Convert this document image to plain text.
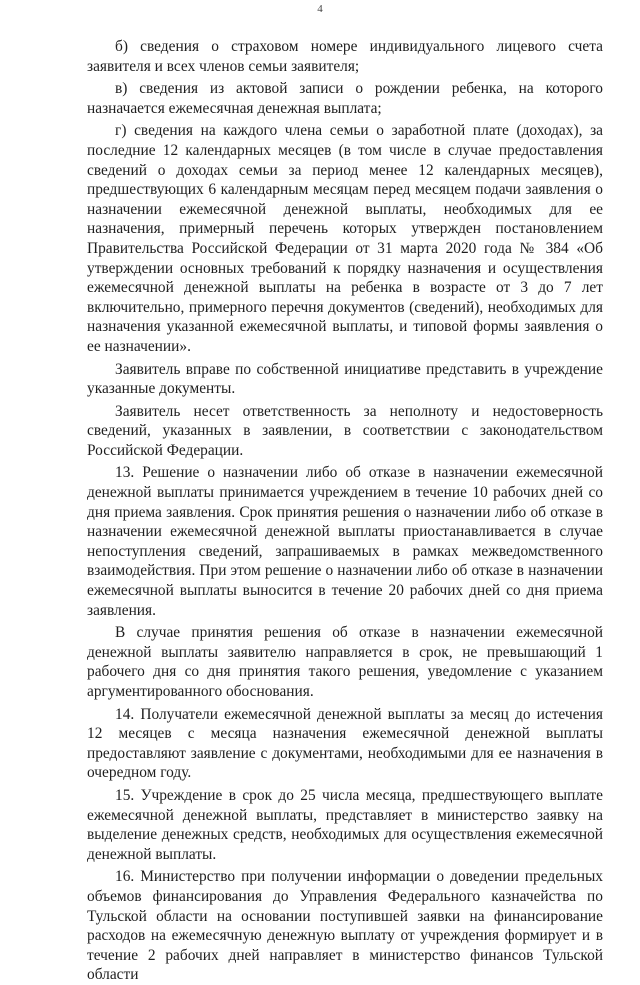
4

б) сведения о страховом номере индивидуального лицевого счета заявителя и всех членов семьи заявителя;

в) сведения из актовой записи о рождении ребенка, на которого назначается ежемесячная денежная выплата;

г) сведения на каждого члена семьи о заработной плате (доходах), за последние 12 календарных месяцев (в том числе в случае предоставления сведений о доходах семьи за период менее 12 календарных месяцев), предшествующих 6 календарным месяцам перед месяцем подачи заявления о назначении ежемесячной денежной выплаты, необходимых для ее назначения, примерный перечень которых утвержден постановлением Правительства Российской Федерации от 31 марта 2020 года № 384 «Об утверждении основных требований к порядку назначения и осуществления ежемесячной денежной выплаты на ребенка в возрасте от 3 до 7 лет включительно, примерного перечня документов (сведений), необходимых для назначения указанной ежемесячной выплаты, и типовой формы заявления о ее назначении».

Заявитель вправе по собственной инициативе представить в учреждение указанные документы.

Заявитель несет ответственность за неполноту и недостоверность сведений, указанных в заявлении, в соответствии с законодательством Российской Федерации.

13. Решение о назначении либо об отказе в назначении ежемесячной денежной выплаты принимается учреждением в течение 10 рабочих дней со дня приема заявления. Срок принятия решения о назначении либо об отказе в назначении ежемесячной денежной выплаты приостанавливается в случае непоступления сведений, запрашиваемых в рамках межведомственного взаимодействия. При этом решение о назначении либо об отказе в назначении ежемесячной выплаты выносится в течение 20 рабочих дней со дня приема заявления.

В случае принятия решения об отказе в назначении ежемесячной денежной выплаты заявителю направляется в срок, не превышающий 1 рабочего дня со дня принятия такого решения, уведомление с указанием аргументированного обоснования.

14. Получатели ежемесячной денежной выплаты за месяц до истечения 12 месяцев с месяца назначения ежемесячной денежной выплаты предоставляют заявление с документами, необходимыми для ее назначения в очередном году.

15. Учреждение в срок до 25 числа месяца, предшествующего выплате ежемесячной денежной выплаты, представляет в министерство заявку на выделение денежных средств, необходимых для осуществления ежемесячной денежной выплаты.

16. Министерство при получении информации о доведении предельных объемов финансирования до Управления Федерального казначейства по Тульской области на основании поступившей заявки на финансирование расходов на ежемесячную денежную выплату от учреждения формирует и в течение 2 рабочих дней направляет в министерство финансов Тульской области
